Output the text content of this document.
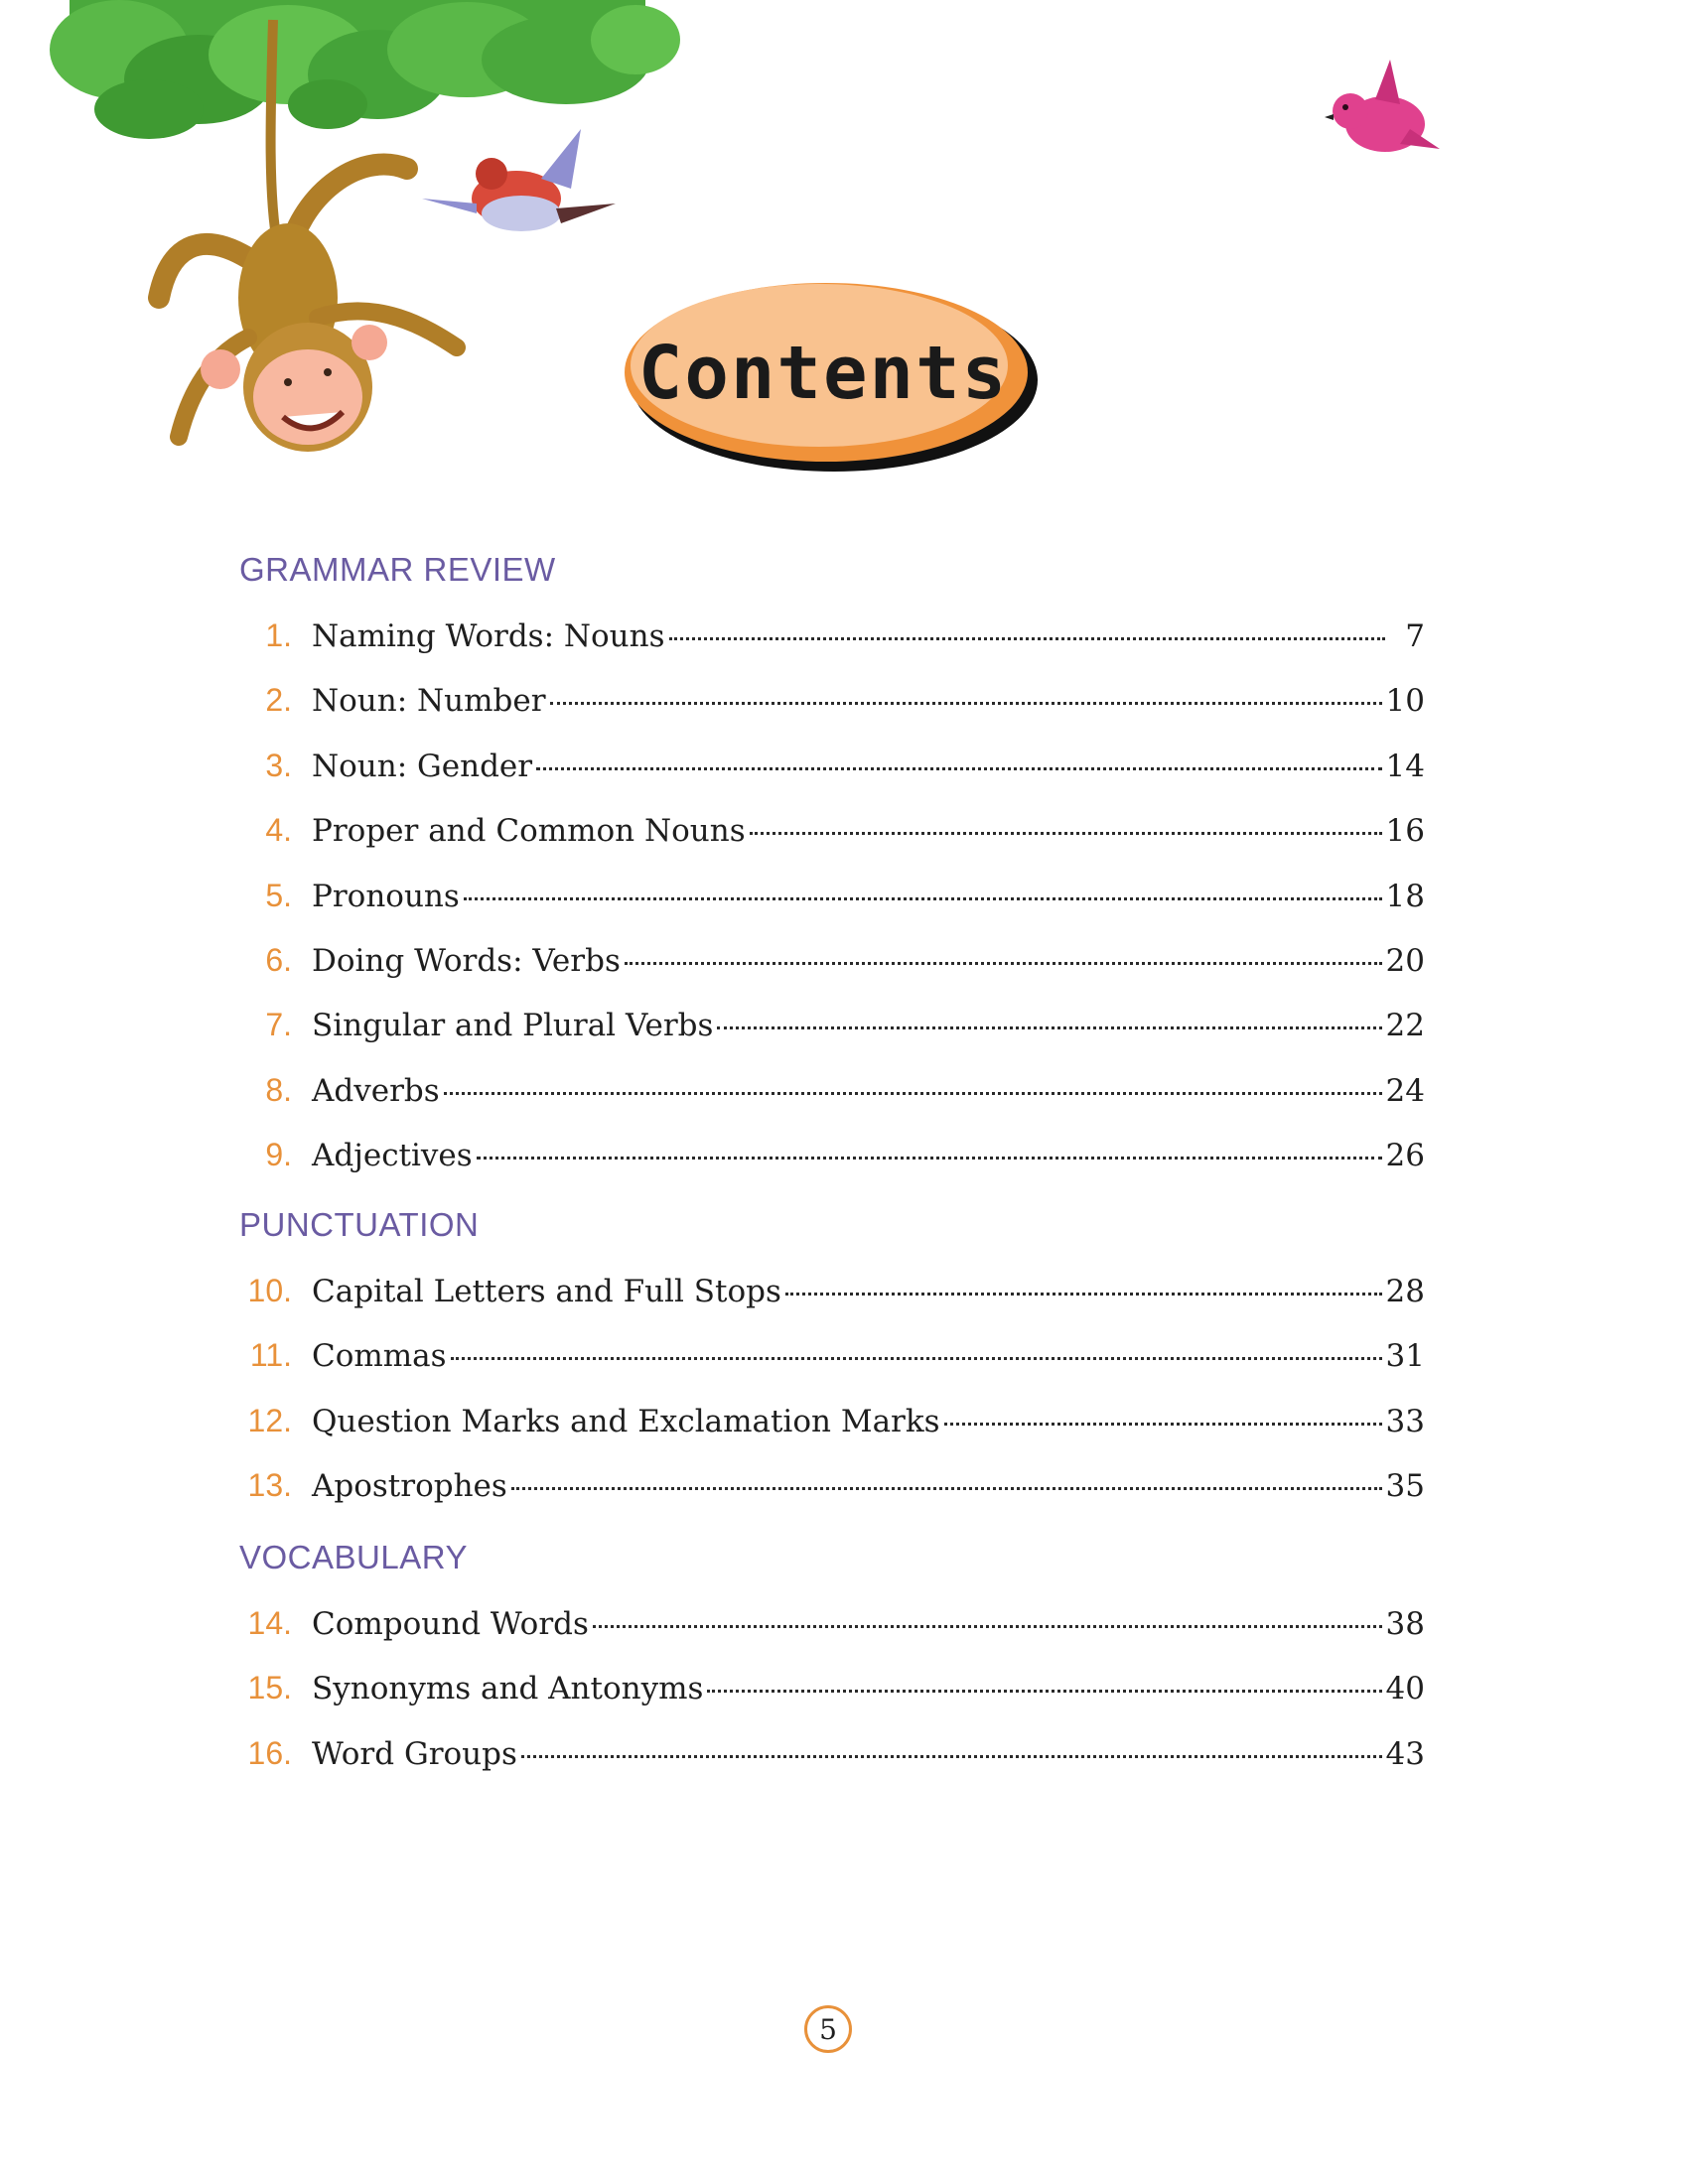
Contents
GRAMMAR REVIEW
1. Naming Words: Nouns	7
2. Noun: Number	10
3. Noun: Gender	14
4. Proper and Common Nouns	16
5. Pronouns	18
6. Doing Words: Verbs	20
7. Singular and Plural Verbs	22
8. Adverbs	24
9. Adjectives	26
PUNCTUATION
10. Capital Letters and Full Stops	28
11. Commas	31
12. Question Marks and Exclamation Marks	33
13. Apostrophes	35
VOCABULARY
14. Compound Words	38
15. Synonyms and Antonyms	40
16. Word Groups	43
5
